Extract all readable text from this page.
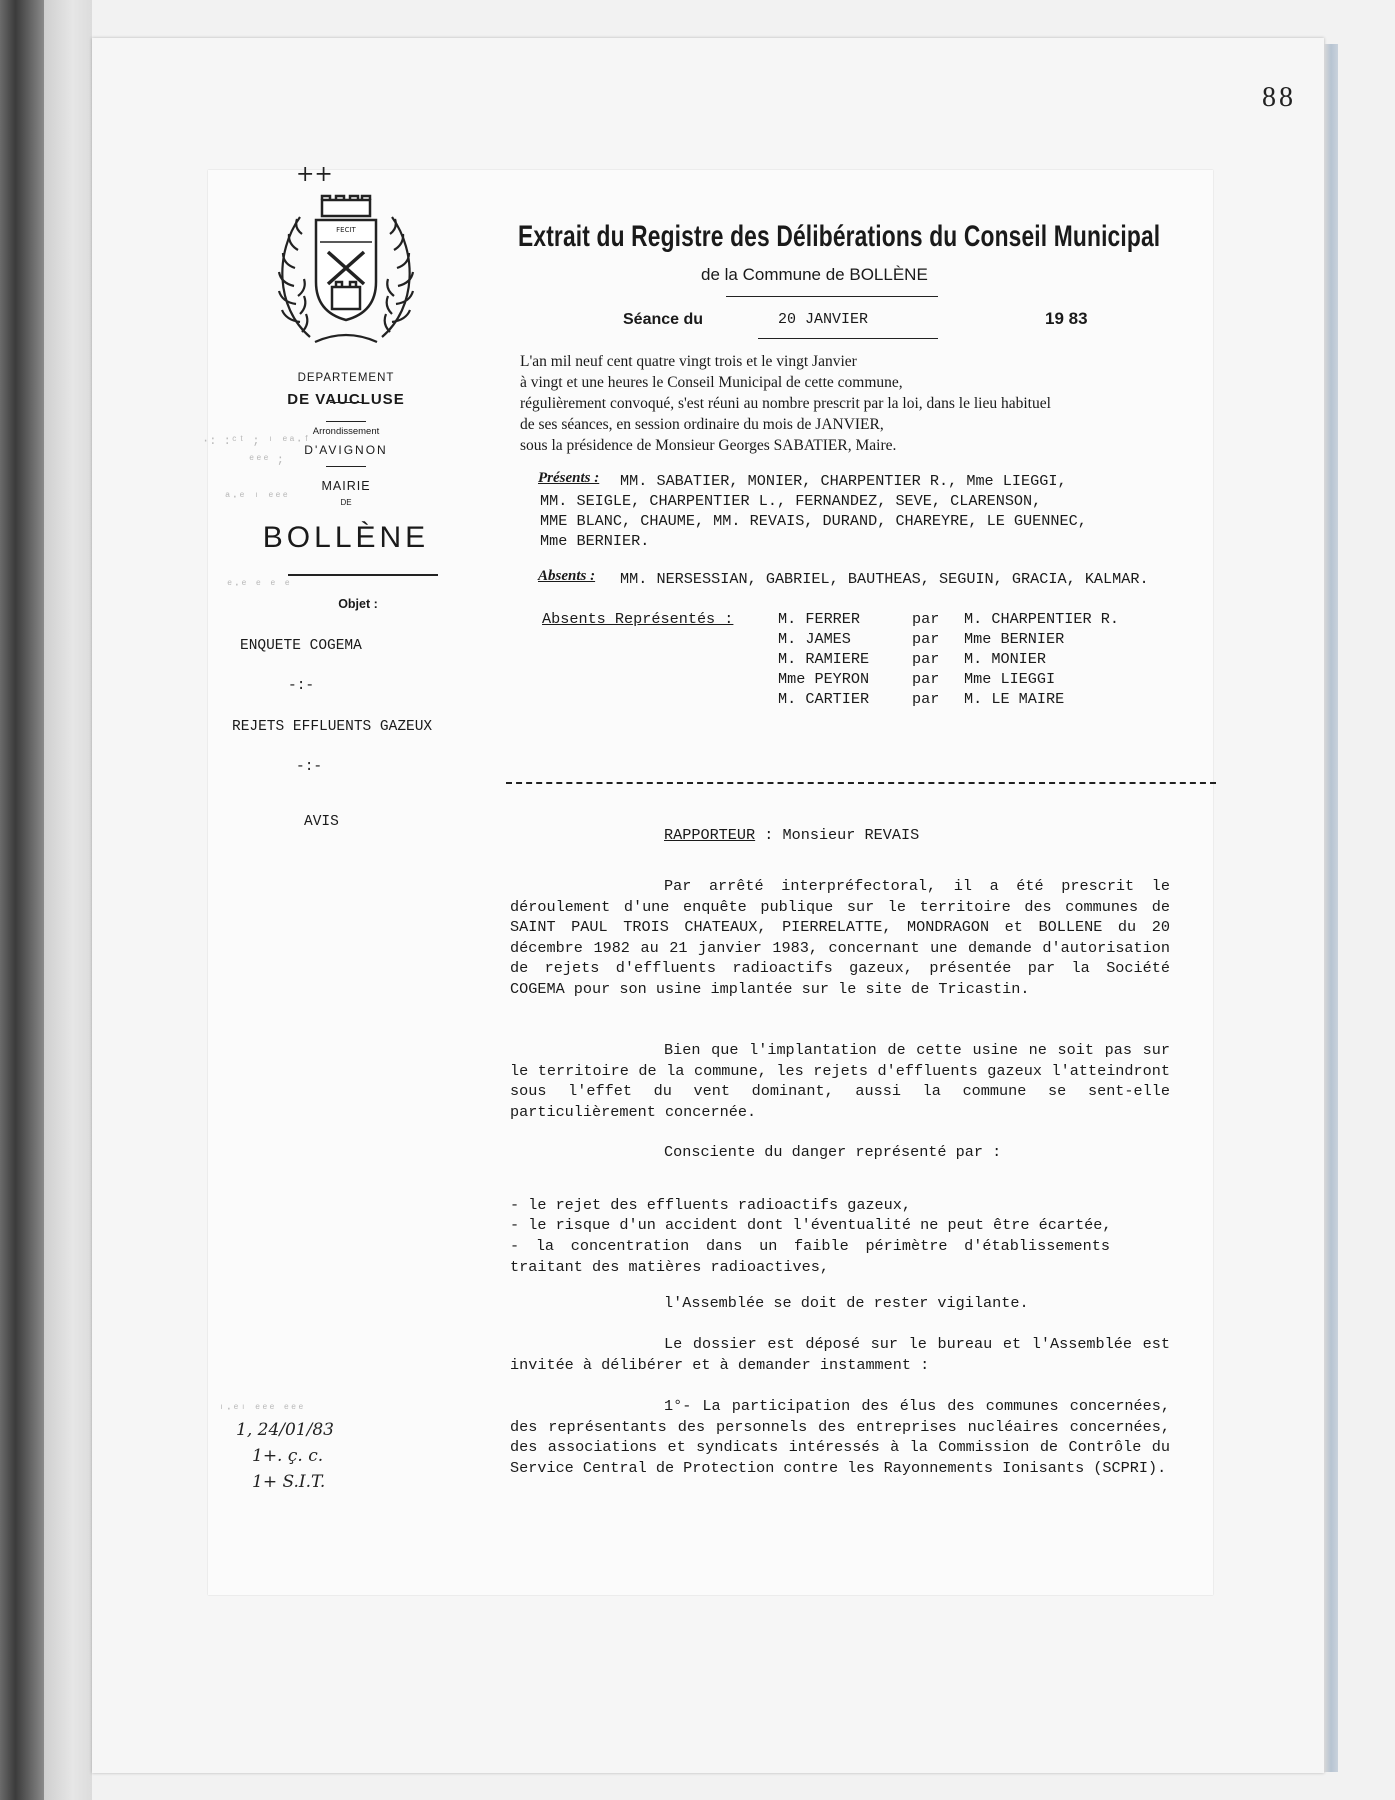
88
++
FECIT
DEPARTEMENT
DE VAUCLUSE
Arrondissement
D'AVIGNON
MAIRIE
DE
BOLLÈNE
Objet :
·: :ᶜᵗ ; ᶦ ᵉᵃ·ᶠ
ᵉᵉᵉ ;
ᵃ·ᵉ ᶦ ᵉᵉᵉ
ᵉ·ᵉ ᵉ ᵉ ᵉ
ᶦ·ᵉᶦ ᵉᵉᵉ ᵉᵉᵉ
ENQUETE COGEMA
-:-
REJETS EFFLUENTS GAZEUX
-:-
AVIS
1, 24/01/83
1+. ç. c.
1+ S.I.T.
Extrait du Registre des Délibérations du Conseil Municipal
de la Commune de BOLLÈNE
Séance du	20 JANVIER	19 83
L'an mil neuf cent quatre vingt trois et le vingt Janvier
à vingt et une heures le Conseil Municipal de cette commune,
régulièrement convoqué, s'est réuni au nombre prescrit par la loi, dans le lieu habituel
de ses séances, en session ordinaire du mois de JANVIER,
sous la présidence de Monsieur Georges SABATIER, Maire.
Présents : MM. SABATIER, MONIER, CHARPENTIER R., Mme LIEGGI,
MM. SEIGLE, CHARPENTIER L., FERNANDEZ, SEVE, CLARENSON,
MME BLANC, CHAUME, MM. REVAIS, DURAND, CHAREYRE, LE GUENNEC,
Mme BERNIER.
Absents : MM. NERSESSIAN, GABRIEL, BAUTHEAS, SEGUIN, GRACIA, KALMAR.
Absents Représentés :	M. FERRER	par M. CHARPENTIER R.
M. JAMES	par Mme BERNIER
M. RAMIERE	par M. MONIER
Mme PEYRON	par Mme LIEGGI
M. CARTIER	par M. LE MAIRE
RAPPORTEUR : Monsieur REVAIS
Par arrêté interpréfectoral, il a été prescrit le déroulement d'une enquête publique sur le territoire des communes de SAINT PAUL TROIS CHATEAUX, PIERRELATTE, MONDRAGON et BOLLENE du 20 décembre 1982 au 21 janvier 1983, concernant une demande d'autorisation de rejets d'effluents radioactifs gazeux, présentée par la Société COGEMA pour son usine implantée sur le site de Tricastin.
Bien que l'implantation de cette usine ne soit pas sur le territoire de la commune, les rejets d'effluents gazeux l'atteindront sous l'effet du vent dominant, aussi la commune se sent-elle particulièrement concernée.
Consciente du danger représenté par :
- le rejet des effluents radioactifs gazeux,
- le risque d'un accident dont l'éventualité ne peut être écartée,
- la concentration dans un faible périmètre d'établissements traitant des matières radioactives,
l'Assemblée se doit de rester vigilante.
Le dossier est déposé sur le bureau et l'Assemblée est invitée à délibérer et à demander instamment :
1°- La participation des élus des communes concernées, des représentants des personnels des entreprises nucléaires concernées, des associations et syndicats intéressés à la Commission de Contrôle du Service Central de Protection contre les Rayonnements Ionisants (SCPRI).
